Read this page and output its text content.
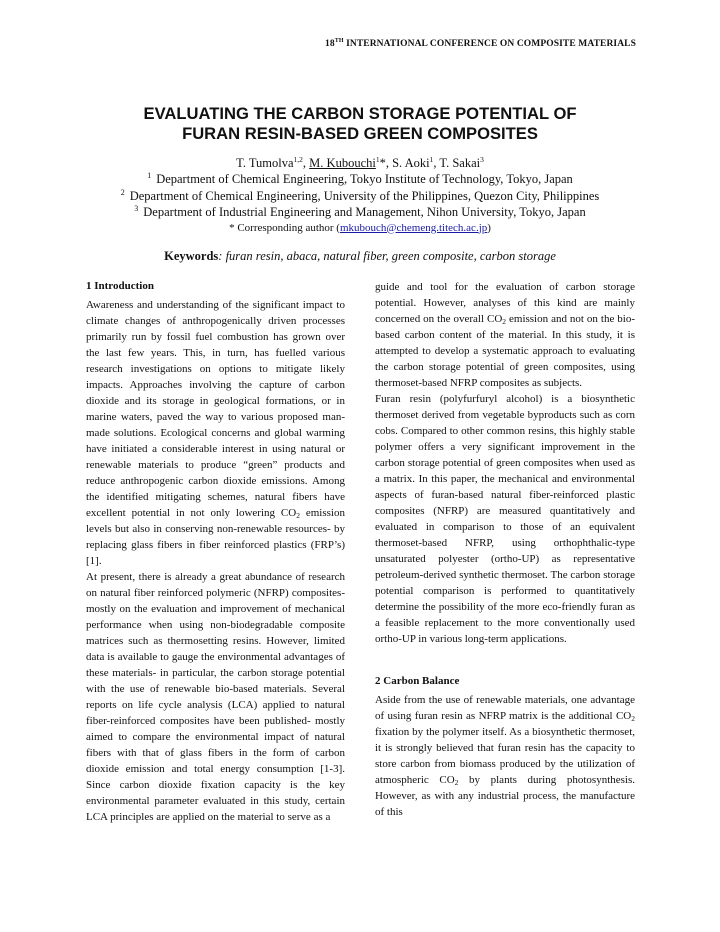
18TH INTERNATIONAL CONFERENCE ON COMPOSITE MATERIALS
EVALUATING THE CARBON STORAGE POTENTIAL OF
FURAN RESIN-BASED GREEN COMPOSITES
T. Tumolva$^{1,2}$, M. Kubouchi$^1$*, S. Aoki$^1$, T. Sakai$^3$
$^1$ Department of Chemical Engineering, Tokyo Institute of Technology, Tokyo, Japan
$^2$ Department of Chemical Engineering, University of the Philippines, Quezon City, Philippines
$^3$ Department of Industrial Engineering and Management, Nihon University, Tokyo, Japan
* Corresponding author (mkubouch@chemeng.titech.ac.jp)
Keywords: furan resin, abaca, natural fiber, green composite, carbon storage
1 Introduction

Awareness and understanding of the significant impact to climate changes of anthropogenically driven processes primarily run by fossil fuel combustion has grown over the last few years. This, in turn, has fuelled various research investigations on options to mitigate likely impacts. Approaches involving the capture of carbon dioxide and its storage in geological formations, or in marine waters, paved the way to various proposed man-made solutions. Ecological concerns and global warming have initiated a considerable interest in using natural or renewable materials to produce “green” products and reduce anthropogenic carbon dioxide emissions. Among the identified mitigating schemes, natural fibers have excellent potential in not only lowering $CO_2$ emission levels but also in conserving non-renewable resources- by replacing glass fibers in fiber reinforced plastics (FRP’s) [1].

At present, there is already a great abundance of research on natural fiber reinforced polymeric (NFRP) composites- mostly on the evaluation and improvement of mechanical performance when using non-biodegradable composite matrices such as thermosetting resins. However, limited data is available to gauge the environmental advantages of these materials- in particular, the carbon storage potential with the use of renewable bio-based materials. Several reports on life cycle analysis (LCA) applied to natural fiber-reinforced composites have been published- mostly aimed to compare the environmental impact of natural fibers with that of glass fibers in the form of carbon dioxide emission and total energy consumption [1-3]. Since carbon dioxide fixation capacity is the key environmental parameter evaluated in this study, certain LCA principles are applied on the material to serve as a

guide and tool for the evaluation of carbon storage potential. However, analyses of this kind are mainly concerned on the overall $CO_2$ emission and not on the bio-based carbon content of the material. In this study, it is attempted to develop a systematic approach to evaluating the carbon storage potential of green composites, using thermoset-based NFRP composites as subjects.

Furan resin (polyfurfuryl alcohol) is a biosynthetic thermoset derived from vegetable byproducts such as corn cobs. Compared to other common resins, this highly stable polymer offers a very significant improvement in the carbon storage potential of green composites when used as a matrix. In this paper, the mechanical and environmental aspects of furan-based natural fiber-reinforced plastic composites (NFRP) are measured quantitatively and evaluated in comparison to those of an equivalent thermoset-based NFRP, using orthophthalic-type unsaturated polyester (ortho-UP) as representative petroleum-derived synthetic thermoset. The carbon storage potential comparison is performed to quantitatively determine the possibility of the more eco-friendly furan as a feasible replacement to the more conventionally used ortho-UP in various long-term applications.

2 Carbon Balance

Aside from the use of renewable materials, one advantage of using furan resin as NFRP matrix is the additional $CO_2$ fixation by the polymer itself. As a biosynthetic thermoset, it is strongly believed that furan resin has the capacity to store carbon from biomass produced by the utilization of atmospheric $CO_2$ by plants during photosynthesis. However, as with any industrial process, the manufacture of this
